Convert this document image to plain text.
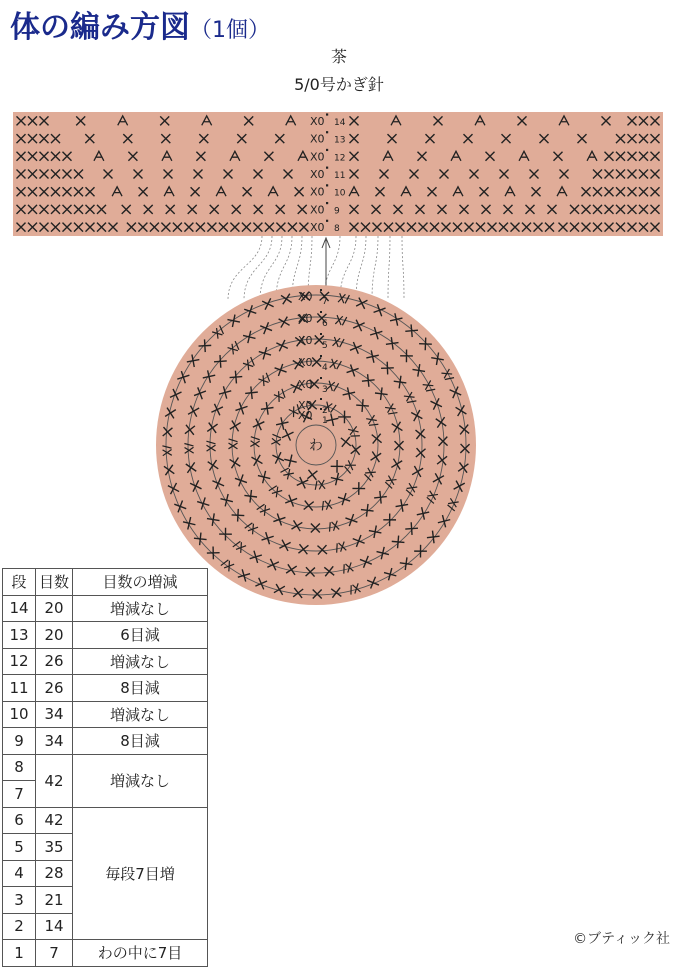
体の編み方図（1個）
茶
5/0号かぎ針
X0 14
X0 13
X0 12
X0 11
X0 10
X0 9
X0 8
わ
X0 1
X0 2
X0 3
X0 4
X0 5
X0 6
X0 7
段	目数	目数の増減
14	20	増減なし
13	20	6目減
12	26	増減なし
11	26	8目減
10	34	増減なし
9	34	8目減
8	42	増減なし
7		
6	42	毎段7目増
5	35	
4	28	
3	21	
2	14	
1	7	わの中に7目
©ブティック社
